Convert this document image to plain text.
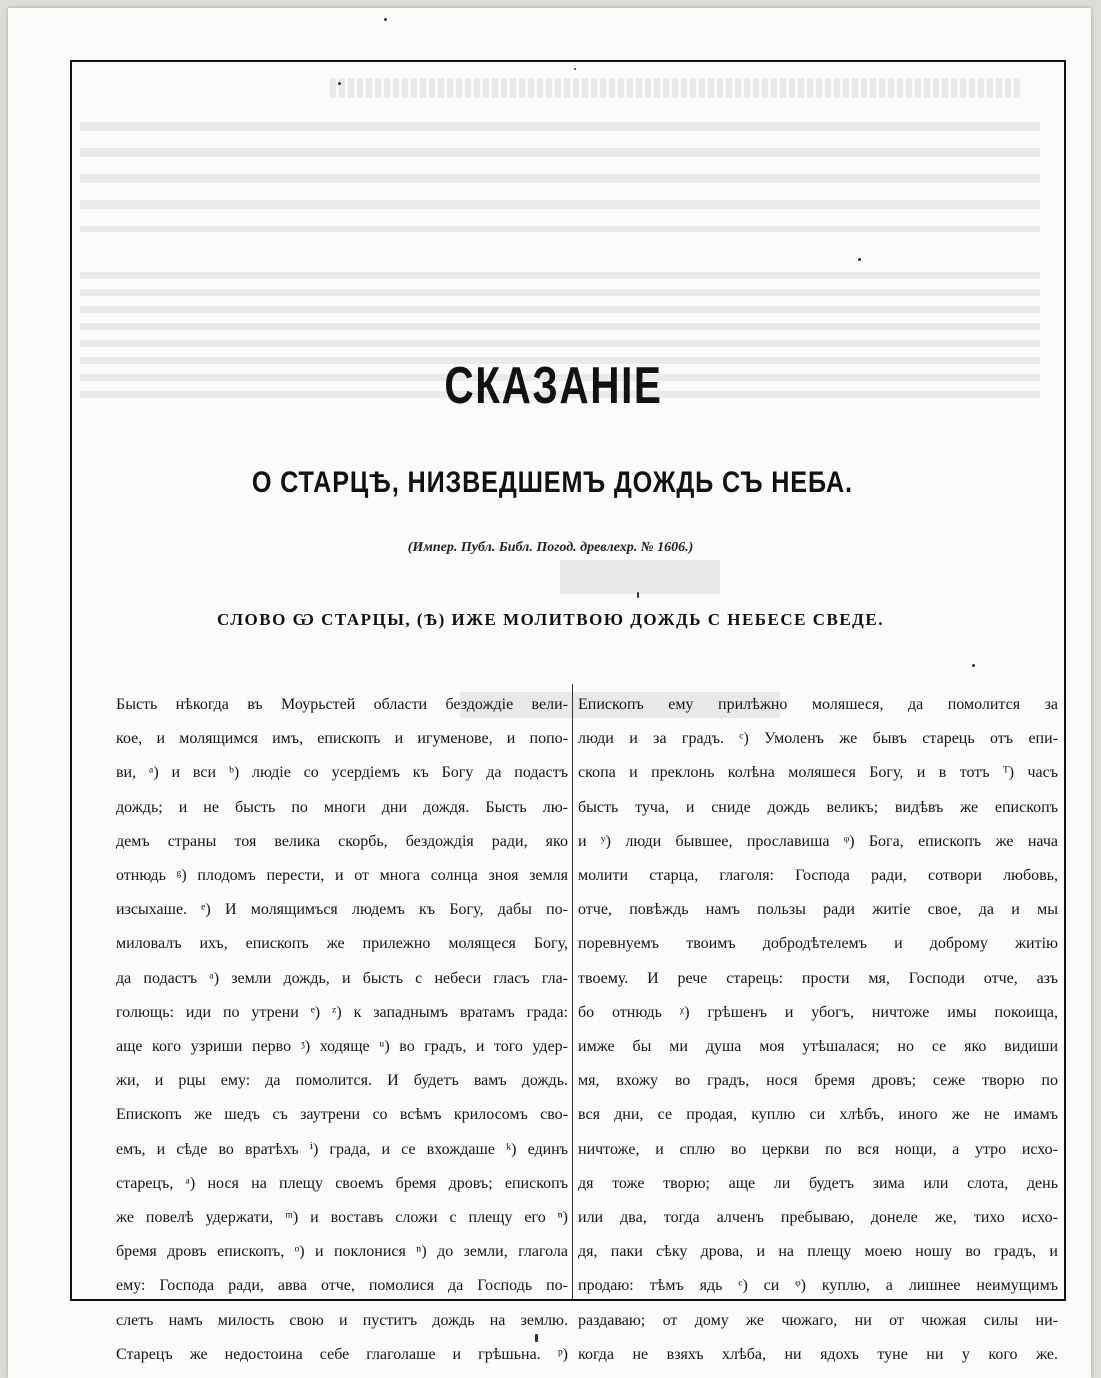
СКАЗАНІЕ
О СТАРЦѢ, НИЗВЕДШЕМЪ ДОЖДЬ СЪ НЕБА.
(Импер. Публ. Библ. Погод. древлехр. № 1606.)
СЛОВО Ѡ СТАРЦЫ, (Ѣ) ИЖЕ МОЛИТВОЮ ДОЖДЬ С НЕБЕСЕ СВЕДЕ.
Бысть нѣкогда въ Моурьстей области бездождіе вели-
кое, и молящимся имъ, епископъ и игуменове, и попо-
ви, ᵃ) и вси ᵇ) людіе со усердіемъ къ Богу да подастъ
дождь; и не бысть по многи дни дождя. Бысть лю-
демъ страны тоя велика скорбь, бездождія ради, яко
отнюдь ᵍ) плодомъ перести, и от многа солнца зноя земля
изсыхаше. ᵉ) И молящимъся людемъ къ Богу, дабы по-
миловалъ ихъ, епископъ же прилежно молящеся Богу,
да подастъ ᵃ) земли дождь, и бысть с небеси гласъ гла-
голющь: иди по утрени ᵉ) ᶻ) к западнымъ вратамъ града:
аще кого узриши перво ᶾ) ходяще ᵘ) во градъ, и того удер-
жи, и рцы ему: да помолится. И будетъ вамъ дождь.
Епископъ же шедъ съ заутрени со всѣмъ крилосомъ сво-
емъ, и сѣде во вратѣхъ ⁱ) града, и се вхождаше ᵏ) единъ
старецъ, ᵃ) нося на плещу своемъ бремя дровъ; епископъ
же повелѣ удержати, ᵐ) и воставъ сложи с плещу его ⁿ)
бремя дровъ епископъ, ᵒ) и поклонися ⁿ) до земли, глагола
ему: Господа ради, авва отче, помолися да Господь по-
слетъ намъ милость свою и пуститъ дождь на землю.
Старецъ же недостоина себе глаголаше и грѣшьна. ᵖ)
Епископъ ему прилѣжно моляшеся, да помолится за
люди и за градъ. ᶜ) Умоленъ же бывъ старець отъ епи-
скопа и преклонь колѣна моляшеся Богу, и в тотъ ᵀ) часъ
бысть туча, и сниде дождь великъ; видѣвъ же епископъ
и ʸ) люди бывшее, прославиша ᵠ) Бога, епископъ же нача
молити старца, глаголя: Господа ради, сотвори любовь,
отче, повѣждь намъ пользы ради житіе свое, да и мы
поревнуемъ твоимъ добродѣтелемъ и доброму житію
твоему. И рече старець: прости мя, Господи отче, азъ
бо отнюдь ᵡ) грѣшенъ и убогъ, ничтоже имы покоища,
имже бы ми душа моя утѣшалася; но се яко видиши
мя, вхожу во градъ, нося бремя дровъ; сеже творю по
вся дни, се продая, куплю си хлѣбъ, иного же не имамъ
ничтоже, и сплю во церкви по вся нощи, а утро исхо-
дя тоже творю; аще ли будетъ зима или слота, день
или два, тогда алченъ пребываю, донеле же, тихо исхо-
дя, паки сѣку дрова, и на плещу моею ношу во градъ, и
продаю: тѣмъ ядь ᶜ) си ᵠ) куплю, а лишнее неимущимъ
раздаваю; от дому же чюжаго, ни от чюжая силы ни-
когда не взяхъ хлѣба, ни ядохъ туне ни у кого же.
